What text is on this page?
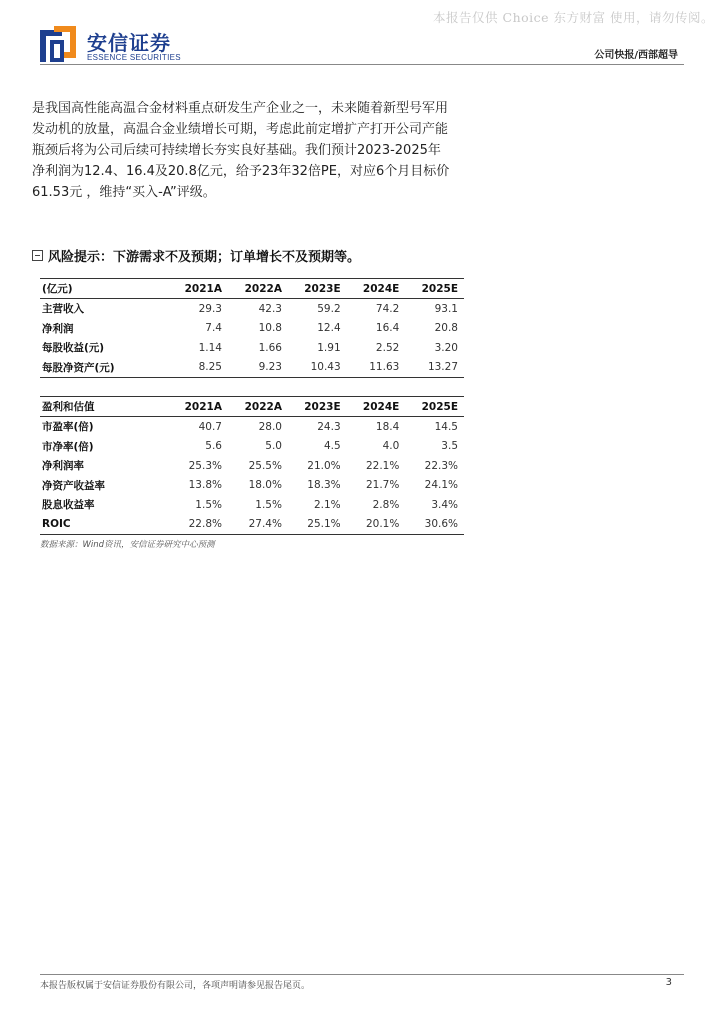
本报告仅供 Choice 东方财富 使用，请勿传阅。
安信证券
ESSENCE SECURITIES	公司快报/西部超导

是我国高性能高温合金材料重点研发生产企业之一，未来随着新型号军用发动机的放量，高温合金业绩增长可期，考虑此前定增扩产打开公司产能瓶颈后将为公司后续可持续增长夯实良好基础。我们预计2023-2025年净利润为12.4、16.4及20.8亿元，给予23年32倍PE，对应6个月目标价61.53元 ，维持“买入-A”评级。

风险提示：下游需求不及预期；订单增长不及预期等。
(亿元)	2021A	2022A	2023E	2024E	2025E
主营收入	29.3	42.3	59.2	74.2	93.1
净利润	7.4	10.8	12.4	16.4	20.8
每股收益(元)	1.14	1.66	1.91	2.52	3.20
每股净资产(元)	8.25	9.23	10.43	11.63	13.27
盈利和估值	2021A	2022A	2023E	2024E	2025E
市盈率(倍)	40.7	28.0	24.3	18.4	14.5
市净率(倍)	5.6	5.0	4.5	4.0	3.5
净利润率	25.3%	25.5%	21.0%	22.1%	22.3%
净资产收益率	13.8%	18.0%	18.3%	21.7%	24.1%
股息收益率	1.5%	1.5%	2.1%	2.8%	3.4%
ROIC	22.8%	27.4%	25.1%	20.1%	30.6%
数据来源：Wind资讯，安信证券研究中心预测
本报告版权属于安信证券股份有限公司，各项声明请参见报告尾页。	3
